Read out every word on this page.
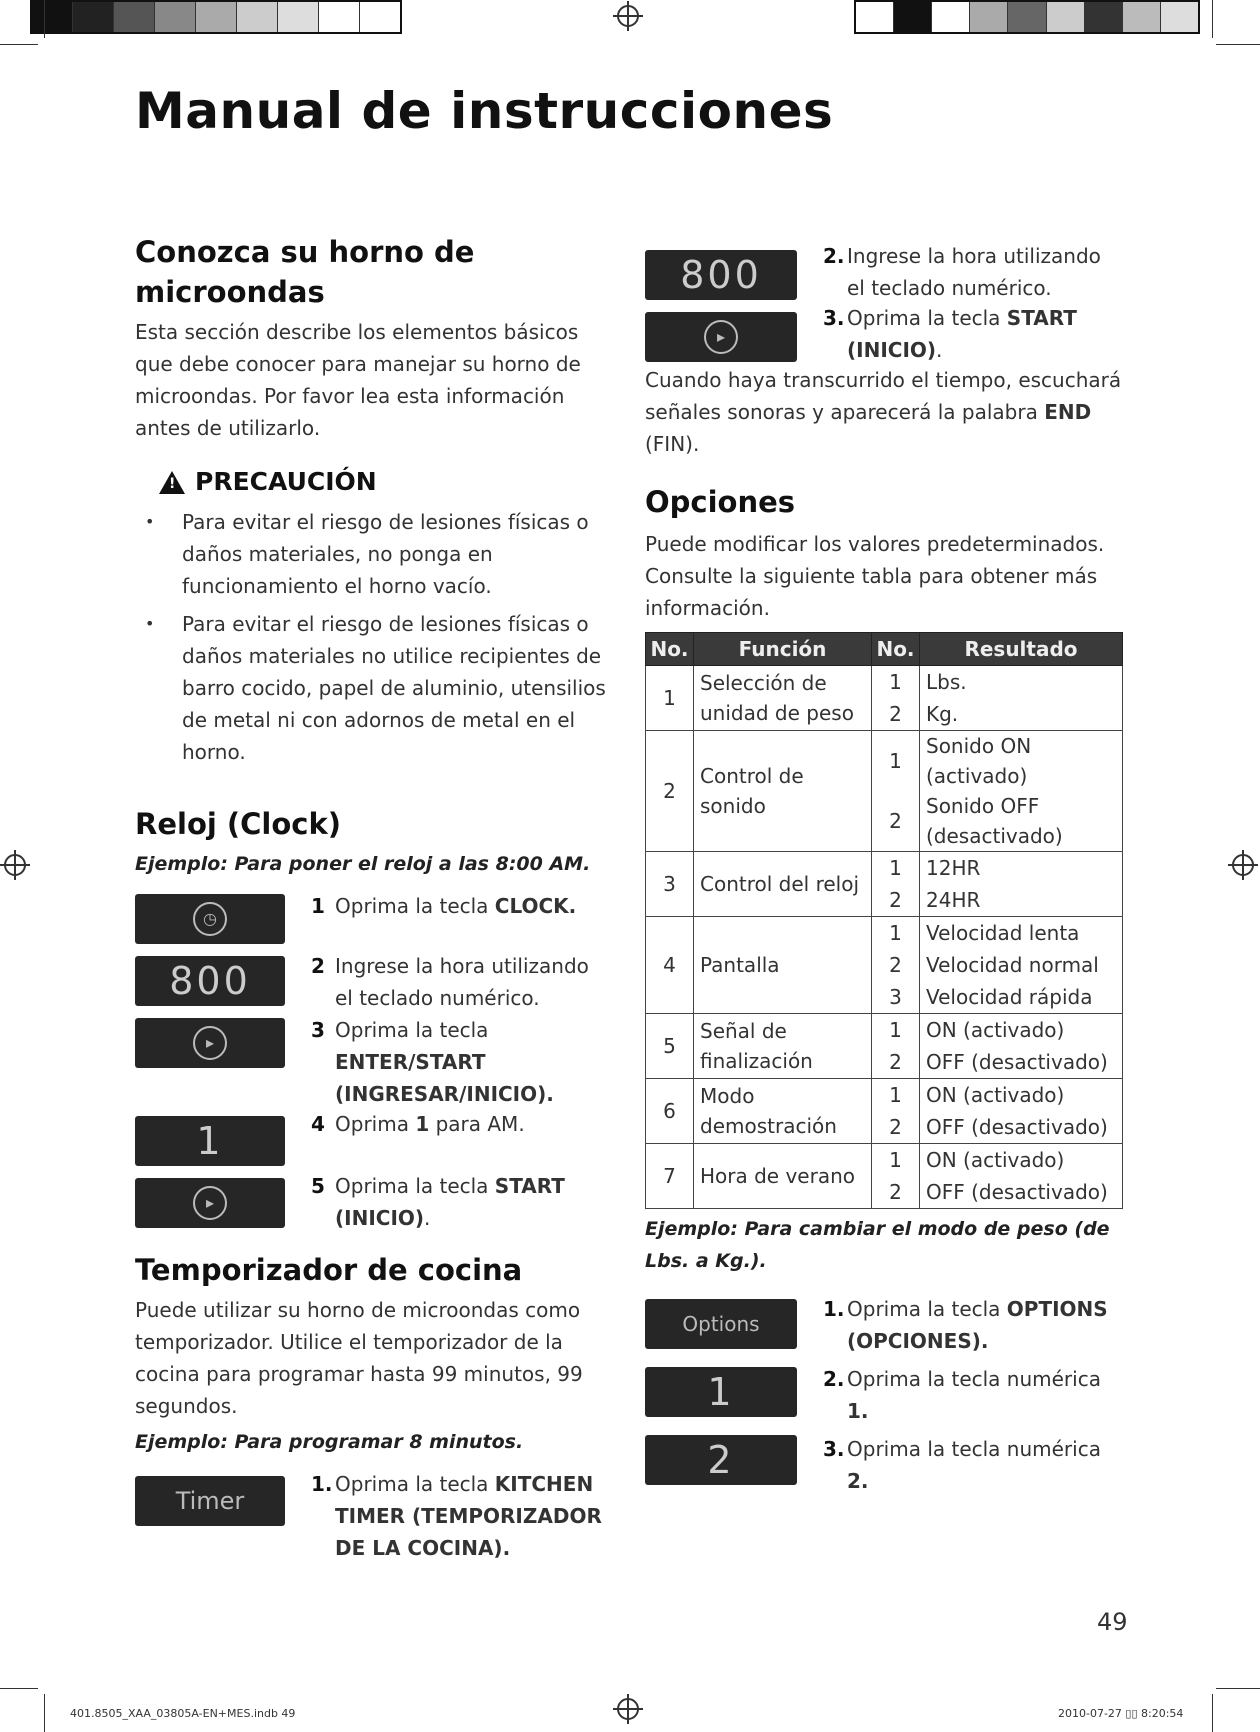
Manual de instrucciones
Conozca su horno de microondas

Esta sección describe los elementos básicos que debe conocer para manejar su horno de microondas. Por favor lea esta información antes de utilizarlo.

! PRECAUCIÓN
• Para evitar el riesgo de lesiones físicas o daños materiales, no ponga en funcionamiento el horno vacío.
• Para evitar el riesgo de lesiones físicas o daños materiales no utilice recipientes de barro cocido, papel de aluminio, utensilios de metal ni con adornos de metal en el horno.
Reloj (Clock)

Ejemplo: Para poner el reloj a las 8:00 AM.

◷
800
▸
1
▸
1 Oprima la tecla CLOCK.
2 Ingrese la hora utilizando el teclado numérico.
3 Oprima la tecla ENTER/START (INGRESAR/INICIO).
4 Oprima 1 para AM.
5 Oprima la tecla START (INICIO).
Temporizador de cocina

Puede utilizar su horno de microondas como temporizador. Utilice el temporizador de la cocina para programar hasta 99 minutos, 99 segundos.

Ejemplo: Para programar 8 minutos.

Timer
1. Oprima la tecla KITCHEN TIMER (TEMPORIZADOR DE LA COCINA).
800
▸
2. Ingrese la hora utilizando el teclado numérico.
3. Oprima la tecla START (INICIO).

Cuando haya transcurrido el tiempo, escuchará señales sonoras y aparecerá la palabra END (FIN).

Opciones

Puede modificar los valores predeterminados. Consulte la siguiente tabla para obtener más información.

No.	Función	No.	Resultado
1	Selección de unidad de peso	1	Lbs.
		2	Kg.
2	Control de sonido	1	Sonido ON (activado)
		2	Sonido OFF (desactivado)
3	Control del reloj	1	12HR
		2	24HR
4	Pantalla	1	Velocidad lenta
		2	Velocidad normal
		3	Velocidad rápida
5	Señal de finalización	1	ON (activado)
		2	OFF (desactivado)
6	Modo demostración	1	ON (activado)
		2	OFF (desactivado)
7	Hora de verano	1	ON (activado)
		2	OFF (desactivado)

Ejemplo: Para cambiar el modo de peso (de Lbs. a Kg.).

Options
1
2
1. Oprima la tecla OPTIONS (OPCIONES).
2. Oprima la tecla numérica 1.
3. Oprima la tecla numérica 2.
49
401.8505_XAA_03805A-EN+MES.indb 49	2010-07-27 ▯▯ 8:20:54
